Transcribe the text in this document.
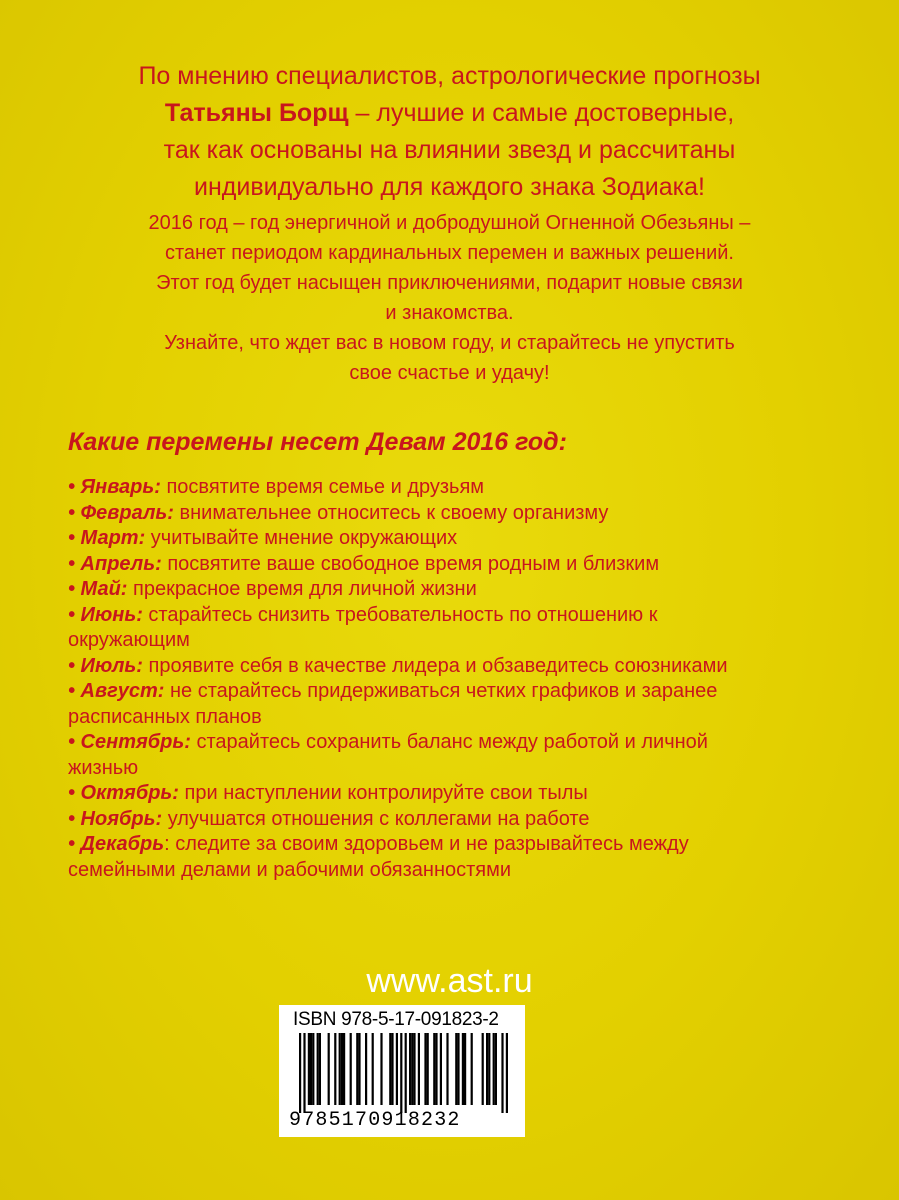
По мнению специалистов, астрологические прогнозы
Татьяны Борщ – лучшие и самые достоверные,
так как основаны на влиянии звезд и рассчитаны
индивидуально для каждого знака Зодиака!

2016 год – год энергичной и добродушной Огненной Обезьяны –

станет периодом кардинальных перемен и важных решений.

Этот год будет насыщен приключениями, подарит новые связи

и знакомства.

Узнайте, что ждет вас в новом году, и старайтесь не упустить

свое счастье и удачу!

Какие перемены несет Девам 2016 год:
• Январь: посвятите время семье и друзьям
• Февраль: внимательнее относитесь к своему организму
• Март: учитывайте мнение окружающих
• Апрель: посвятите ваше свободное время родным и близким
• Май: прекрасное время для личной жизни
• Июнь: старайтесь снизить требовательность по отношению к окружающим
• Июль: проявите себя в качестве лидера и обзаведитесь союзниками
• Август: не старайтесь придерживаться четких графиков и заранее расписанных планов
• Сентябрь: старайтесь сохранить баланс между работой и личной жизнью
• Октябрь: при наступлении контролируйте свои тылы
• Ноябрь: улучшатся отношения с коллегами на работе
• Декабрь: следите за своим здоровьем и не разрывайтесь между семейными делами и рабочими обязанностями
www.ast.ru
ISBN 978-5-17-091823-2
9785170918232
